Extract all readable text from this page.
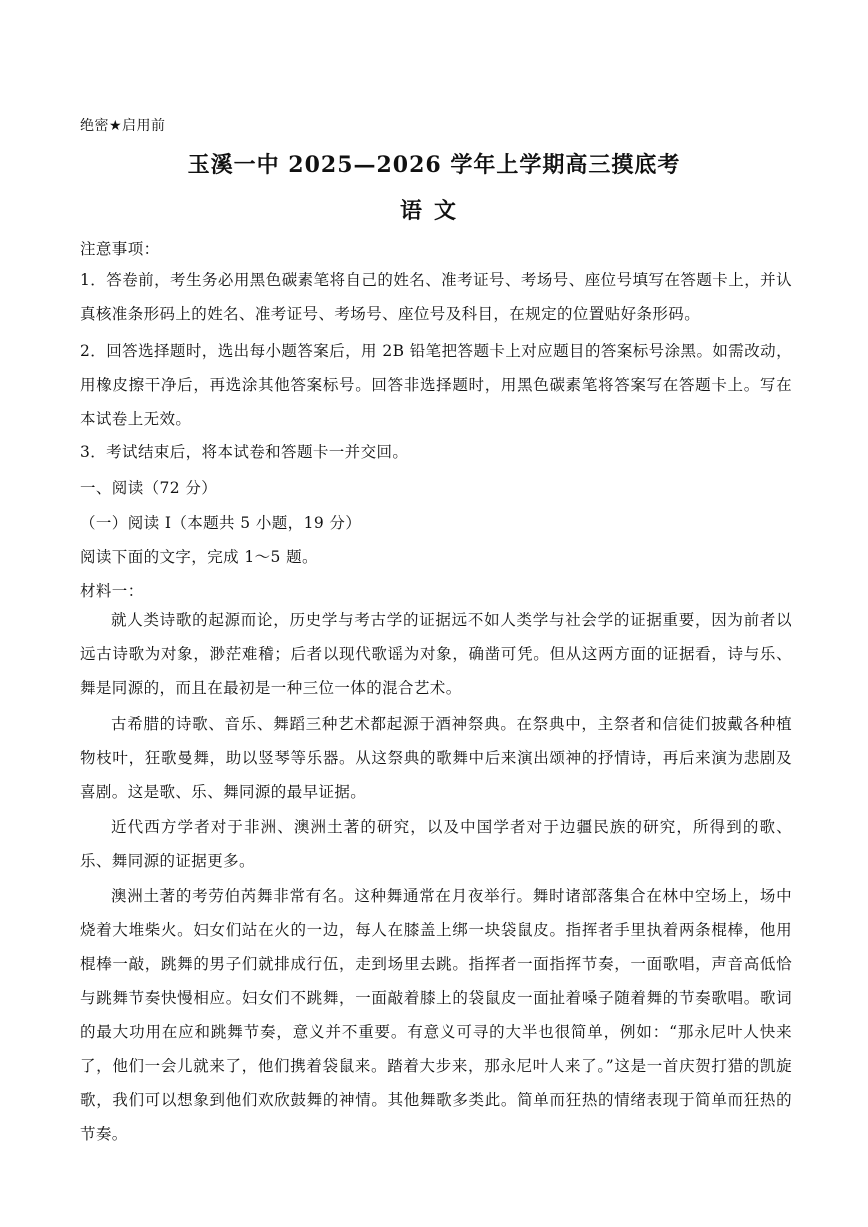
绝密★启用前
玉溪一中 2025—2026 学年上学期高三摸底考
语文
注意事项：
1．答卷前，考生务必用黑色碳素笔将自己的姓名、准考证号、考场号、座位号填写在答题卡上，并认真核准条形码上的姓名、准考证号、考场号、座位号及科目，在规定的位置贴好条形码。
2．回答选择题时，选出每小题答案后，用 2B 铅笔把答题卡上对应题目的答案标号涂黑。如需改动，用橡皮擦干净后，再选涂其他答案标号。回答非选择题时，用黑色碳素笔将答案写在答题卡上。写在本试卷上无效。
3．考试结束后，将本试卷和答题卡一并交回。
一、阅读（72 分）
（一）阅读 I（本题共 5 小题，19 分）
阅读下面的文字，完成 1～5 题。
材料一：
就人类诗歌的起源而论，历史学与考古学的证据远不如人类学与社会学的证据重要，因为前者以远古诗歌为对象，渺茫难稽；后者以现代歌谣为对象，确凿可凭。但从这两方面的证据看，诗与乐、舞是同源的，而且在最初是一种三位一体的混合艺术。
古希腊的诗歌、音乐、舞蹈三种艺术都起源于酒神祭典。在祭典中，主祭者和信徒们披戴各种植物枝叶，狂歌曼舞，助以竖琴等乐器。从这祭典的歌舞中后来演出颂神的抒情诗，再后来演为悲剧及喜剧。这是歌、乐、舞同源的最早证据。
近代西方学者对于非洲、澳洲土著的研究，以及中国学者对于边疆民族的研究，所得到的歌、乐、舞同源的证据更多。
澳洲土著的考劳伯芮舞非常有名。这种舞通常在月夜举行。舞时诸部落集合在林中空场上，场中烧着大堆柴火。妇女们站在火的一边，每人在膝盖上绑一块袋鼠皮。指挥者手里执着两条棍棒，他用棍棒一敲，跳舞的男子们就排成行伍，走到场里去跳。指挥者一面指挥节奏，一面歌唱，声音高低恰与跳舞节奏快慢相应。妇女们不跳舞，一面敲着膝上的袋鼠皮一面扯着嗓子随着舞的节奏歌唱。歌词的最大功用在应和跳舞节奏，意义并不重要。有意义可寻的大半也很简单，例如：“那永尼叶人快来了，他们一会儿就来了，他们携着袋鼠来。踏着大步来，那永尼叶人来了。”这是一首庆贺打猎的凯旋歌，我们可以想象到他们欢欣鼓舞的神情。其他舞歌多类此。简单而狂热的情绪表现于简单而狂热的节奏。
